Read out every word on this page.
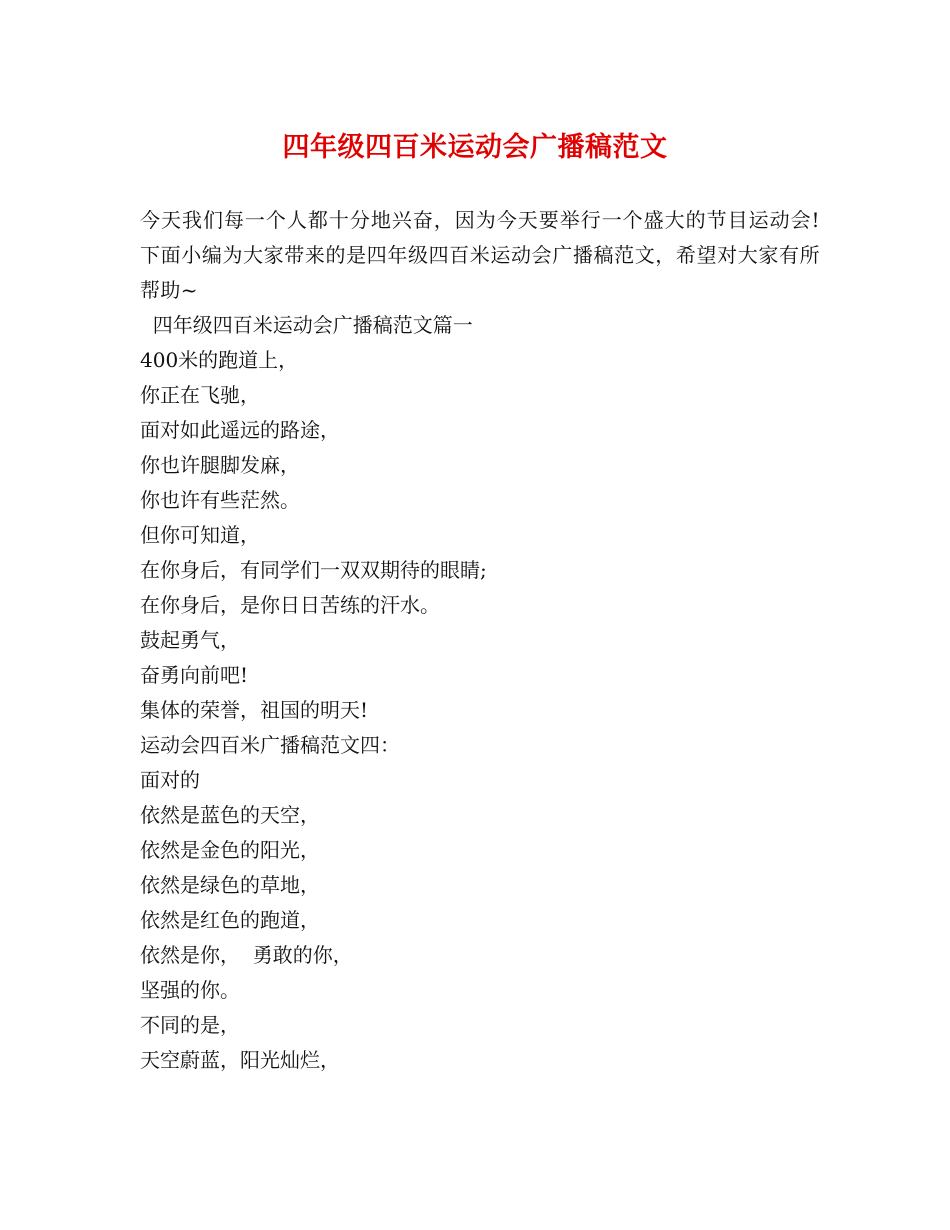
四年级四百米运动会广播稿范文

今天我们每一个人都十分地兴奋，因为今天要举行一个盛大的节目运动会!下面小编为大家带来的是四年级四百米运动会广播稿范文，希望对大家有所帮助~

四年级四百米运动会广播稿范文篇一

400米的跑道上，

你正在飞驰，

面对如此遥远的路途，

你也许腿脚发麻，

你也许有些茫然。

但你可知道，

在你身后，有同学们一双双期待的眼睛;

在你身后，是你日日苦练的汗水。

鼓起勇气，

奋勇向前吧!

集体的荣誉，祖国的明天!

运动会四百米广播稿范文四：

面对的

依然是蓝色的天空，

依然是金色的阳光，

依然是绿色的草地，

依然是红色的跑道，

依然是你，  勇敢的你，

坚强的你。

不同的是，

天空蔚蓝，阳光灿烂，
